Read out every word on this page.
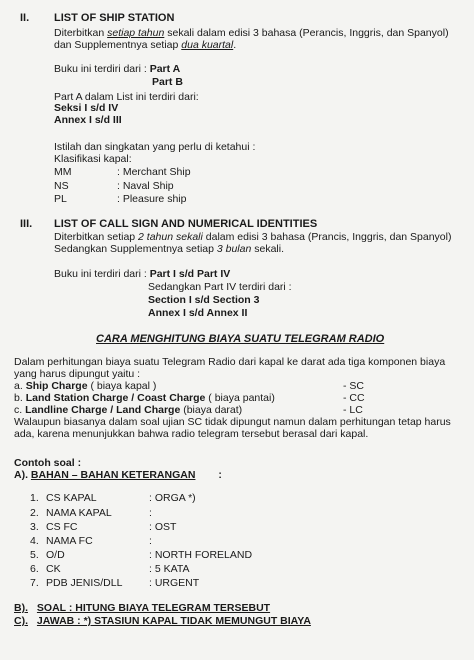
II. LIST OF SHIP STATION
Diterbitkan setiap tahun sekali dalam edisi 3 bahasa (Perancis, Inggris, dan Spanyol)
dan Supplementnya setiap dua kuartal.
Buku ini terdiri dari : Part A
Part B
Part A dalam List ini terdiri dari:
Seksi I s/d IV
Annex I s/d III
Istilah dan singkatan yang perlu di ketahui :
Klasifikasi kapal:
MM	: Merchant Ship
NS	: Naval Ship
PL	: Pleasure ship
III. LIST OF CALL SIGN AND NUMERICAL IDENTITIES
Diterbitkan setiap 2 tahun sekali dalam edisi 3 bahasa (Prancis, Inggris, dan Spanyol)
Sedangkan Supplementnya setiap 3 bulan sekali.
Buku ini terdiri dari : Part I s/d Part IV
Sedangkan Part IV terdiri dari :
Section I s/d Section 3
Annex I s/d Annex II
CARA MENGHITUNG BIAYA SUATU TELEGRAM RADIO
Dalam perhitungan biaya suatu Telegram Radio dari kapal ke darat ada tiga komponen biaya
yang harus dipungut yaitu :
a. Ship Charge ( biaya kapal )	- SC
b. Land Station Charge / Coast Charge ( biaya pantai)	- CC
c. Landline Charge / Land Charge (biaya darat)	- LC
Walaupun biasanya dalam soal ujian SC tidak dipungut namun dalam perhitungan tetap harus
ada, karena menunjukkan bahwa radio telegram tersebut berasal dari kapal.
Contoh soal :
A). BAHAN – BAHAN KETERANGAN :
1. CS KAPAL	: ORGA *)
2. NAMA KAPAL	:
3. CS FC	: OST
4. NAMA FC	:
5. O/D	: NORTH FORELAND
6. CK	: 5 KATA
7. PDB JENIS/DLL	: URGENT
B). SOAL : HITUNG BIAYA TELEGRAM TERSEBUT
C). JAWAB : *) STASIUN KAPAL TIDAK MEMUNGUT BIAYA
